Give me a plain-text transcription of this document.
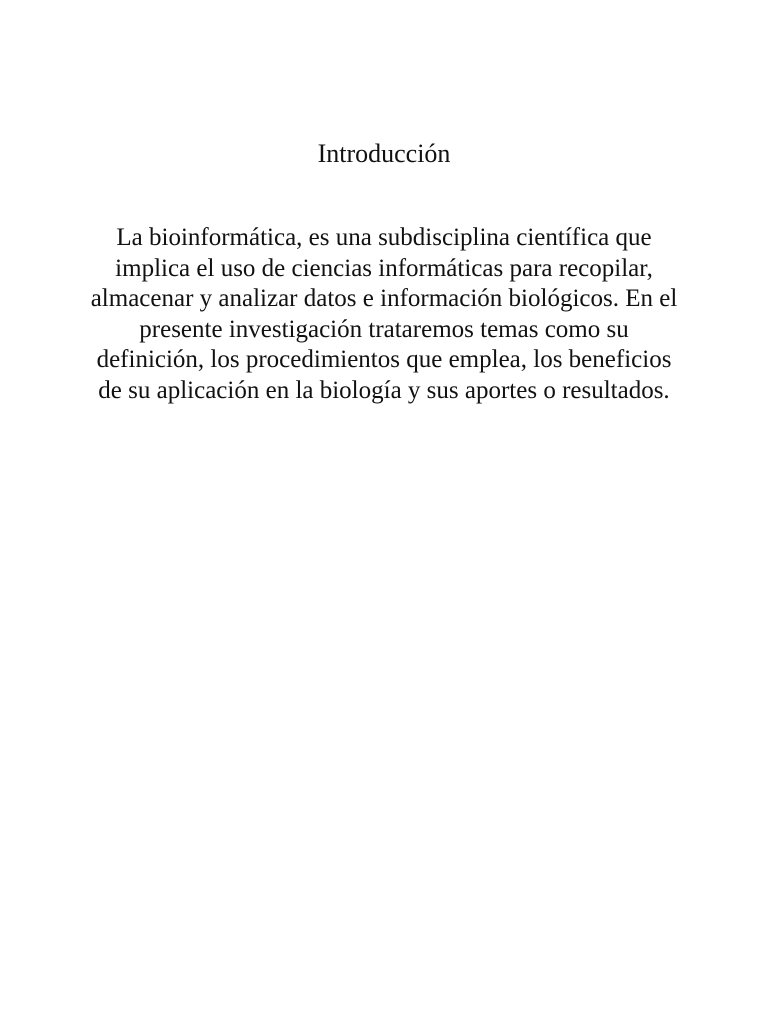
Introducción

La bioinformática, es una subdisciplina científica que
implica el uso de ciencias informáticas para recopilar,
almacenar y analizar datos e información biológicos. En el
presente investigación trataremos temas como su
definición, los procedimientos que emplea, los beneficios
de su aplicación en la biología y sus aportes o resultados.
